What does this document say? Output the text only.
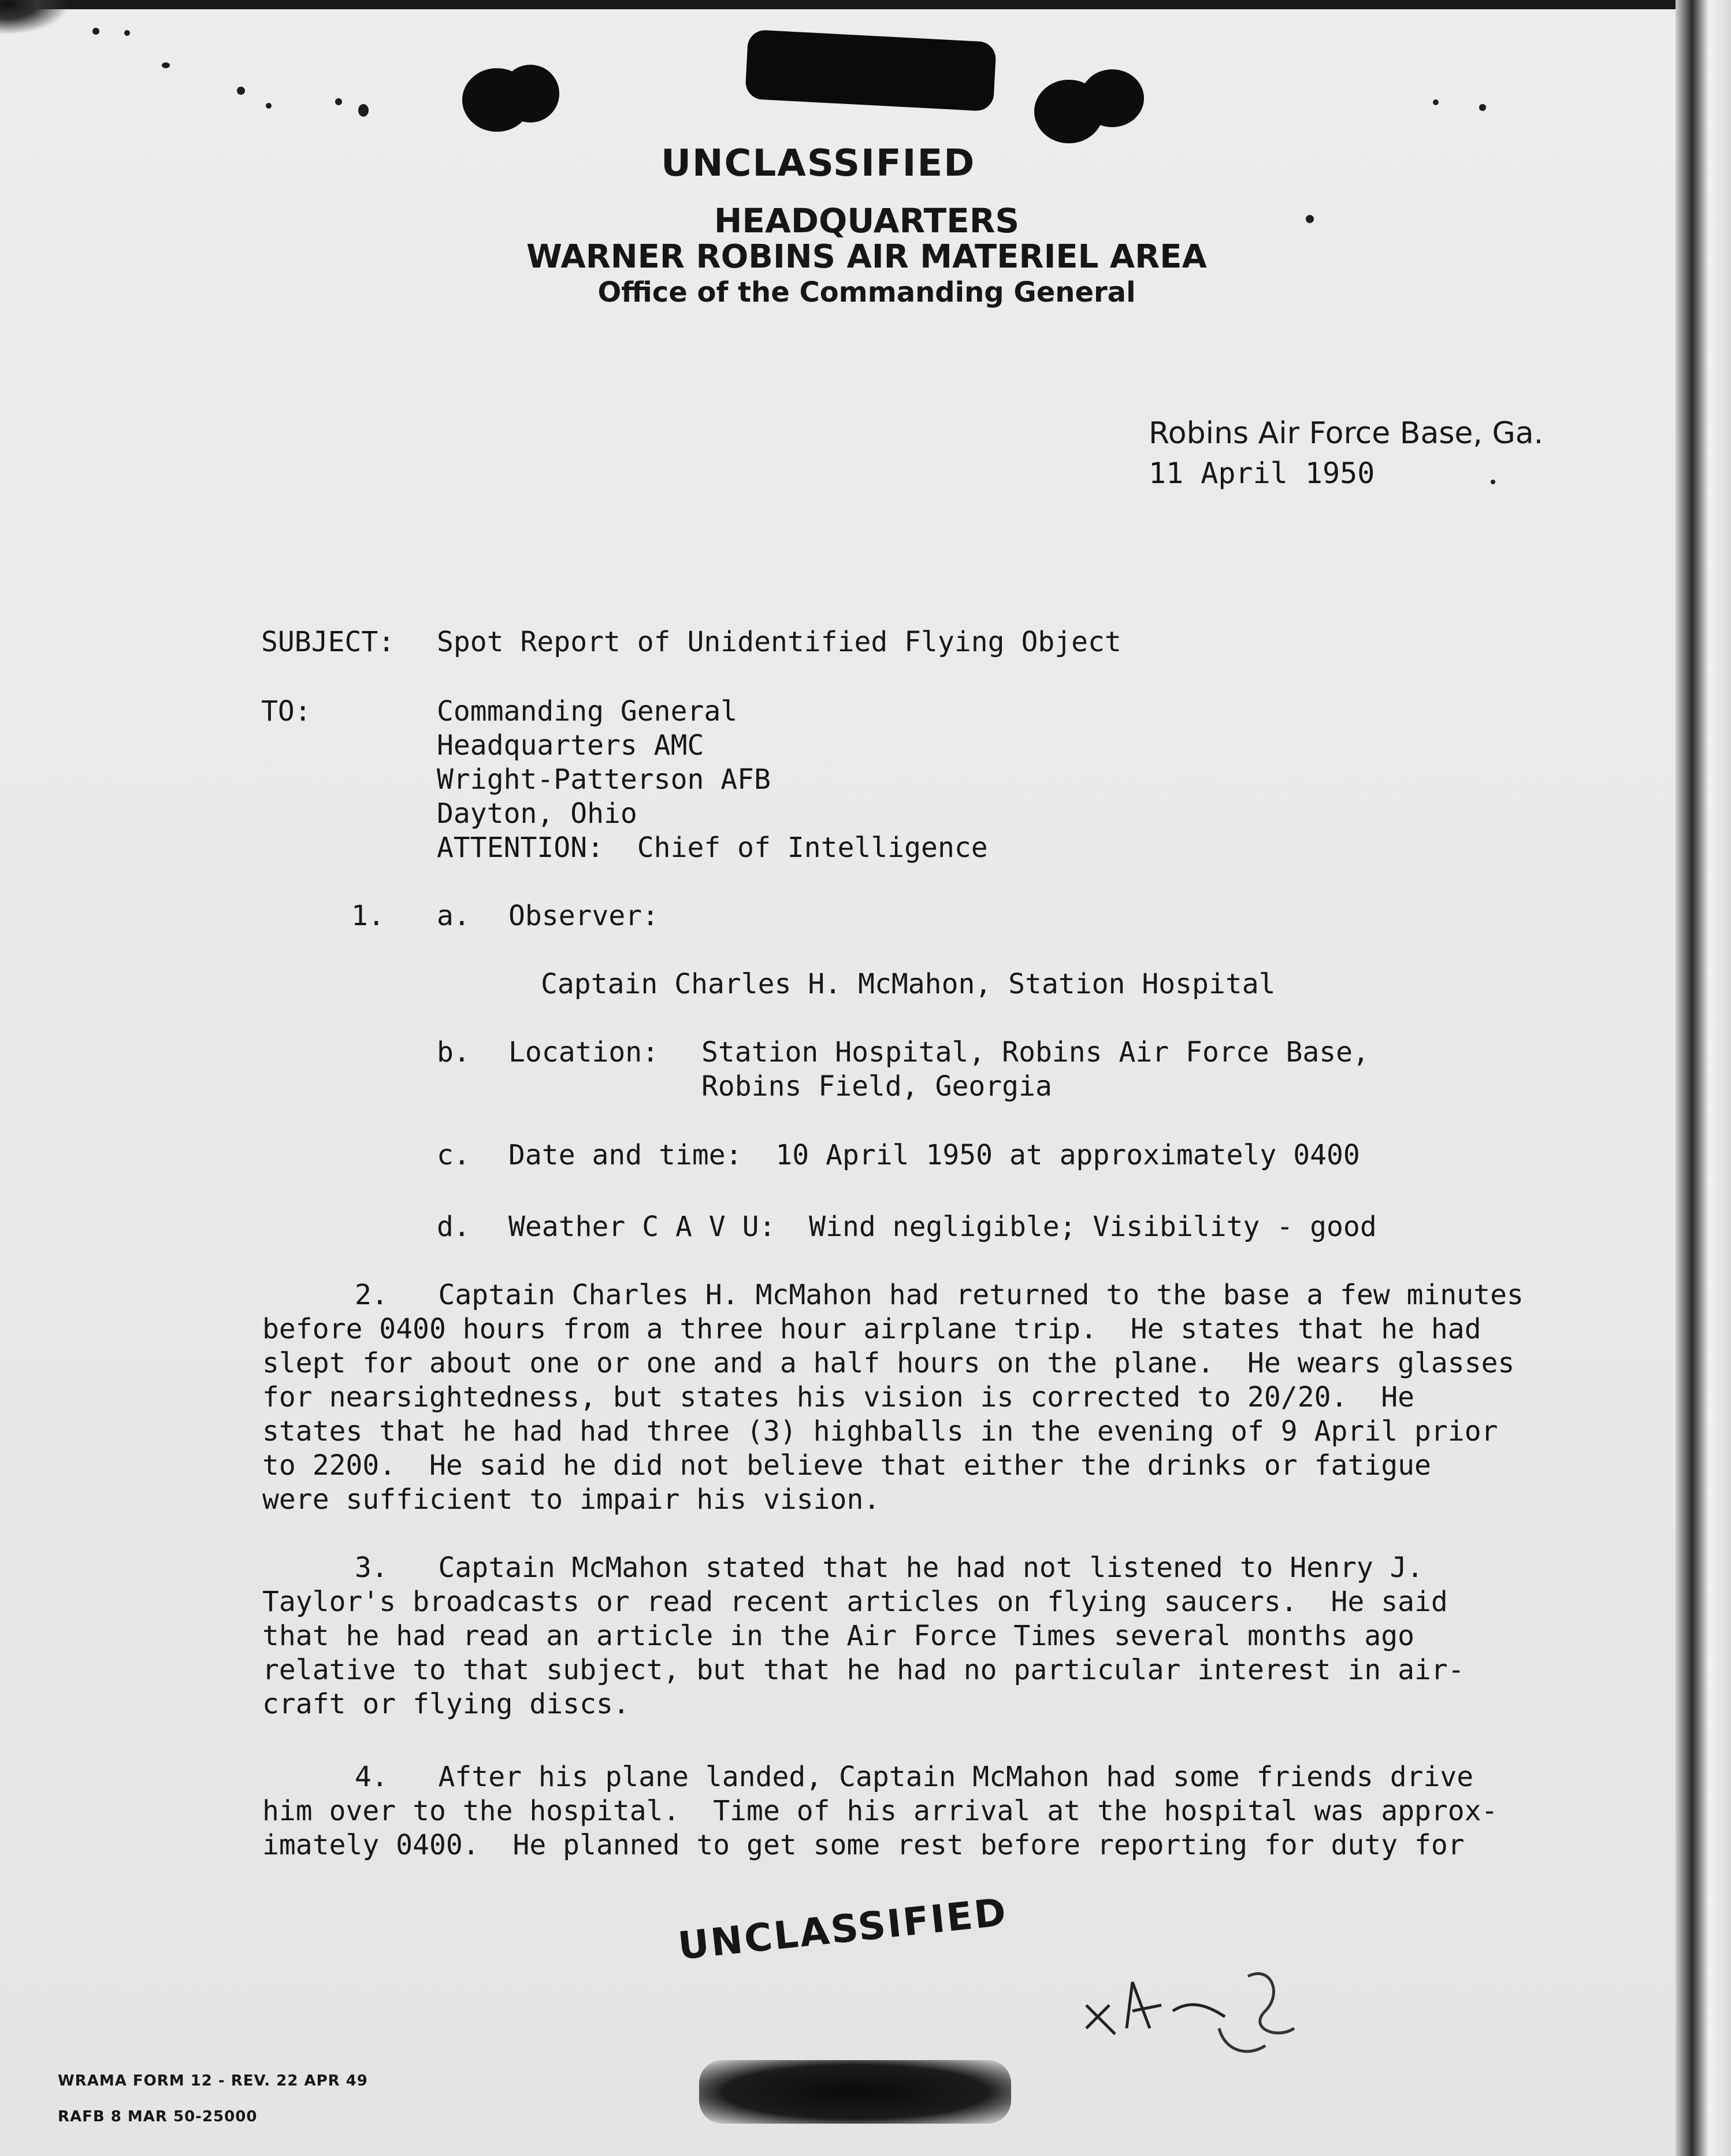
UNCLASSIFIED
HEADQUARTERS
WARNER ROBINS AIR MATERIEL AREA
Office of the Commanding General
Robins Air Force Base, Ga.
11 April 1950
SUBJECT: Spot Report of Unidentified Flying Object
TO:	Commanding General
Headquarters AMC
Wright-Patterson AFB
Dayton, Ohio
ATTENTION:  Chief of Intelligence
1. a. Observer:
Captain Charles H. McMahon, Station Hospital
b. Location: Station Hospital, Robins Air Force Base,
Robins Field, Georgia
c. Date and time:  10 April 1950 at approximately 0400
d. Weather C A V U:  Wind negligible; Visibility - good
2.   Captain Charles H. McMahon had returned to the base a few minutes
before 0400 hours from a three hour airplane trip.  He states that he had
slept for about one or one and a half hours on the plane.  He wears glasses
for nearsightedness, but states his vision is corrected to 20/20.  He
states that he had had three (3) highballs in the evening of 9 April prior
to 2200.  He said he did not believe that either the drinks or fatigue
were sufficient to impair his vision.
3.   Captain McMahon stated that he had not listened to Henry J.
Taylor's broadcasts or read recent articles on flying saucers.  He said
that he had read an article in the Air Force Times several months ago
relative to that subject, but that he had no particular interest in air-
craft or flying discs.
4.   After his plane landed, Captain McMahon had some friends drive
him over to the hospital.  Time of his arrival at the hospital was approx-
imately 0400.  He planned to get some rest before reporting for duty for
UNCLASSIFIED
WRAMA FORM 12 - REV. 22 APR 49
RAFB 8 MAR 50-25000
